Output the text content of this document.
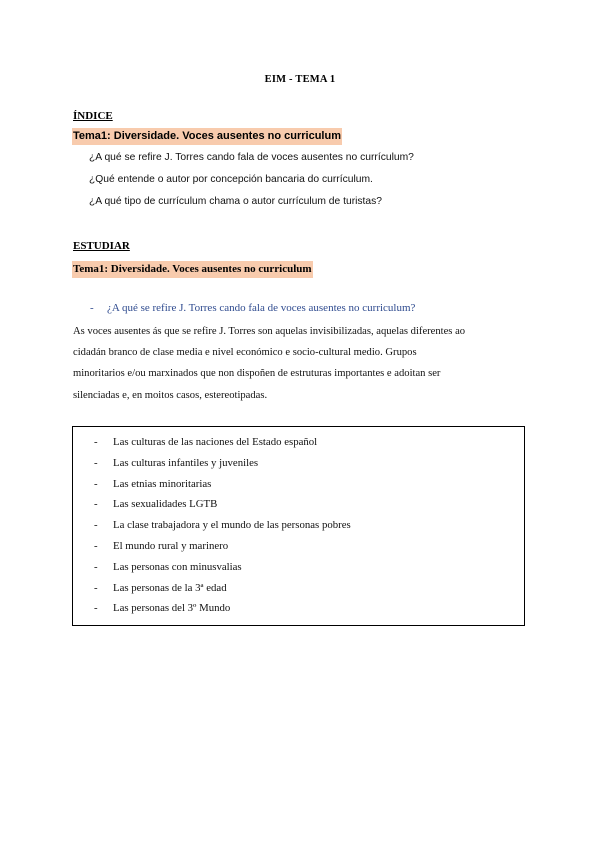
EIM - TEMA 1
ÍNDICE
Tema1: Diversidade. Voces ausentes no curriculum
¿A qué se refire J. Torres cando fala de voces ausentes no currículum?
¿Qué entende o autor por concepción bancaria do currículum.
¿A qué tipo de currículum chama o autor currículum de turistas?
ESTUDIAR
Tema1: Diversidade. Voces ausentes no curriculum
- ¿A qué se refire J. Torres cando fala de voces ausentes no curriculum?
As voces ausentes ás que se refire J. Torres son aquelas invisibilizadas, aquelas diferentes ao
cidadán branco de clase media e nivel económico e socio-cultural medio. Grupos
minoritarios e/ou marxinados que non dispoñen de estruturas importantes e adoitan ser
silenciadas e, en moitos casos, estereotipadas.
- Las culturas de las naciones del Estado español
- Las culturas infantiles y juveniles
- Las etnias minoritarias
- Las sexualidades LGTB
- La clase trabajadora y el mundo de las personas pobres
- El mundo rural y marinero
- Las personas con minusvalias
- Las personas de la 3ª edad
- Las personas del 3º Mundo
